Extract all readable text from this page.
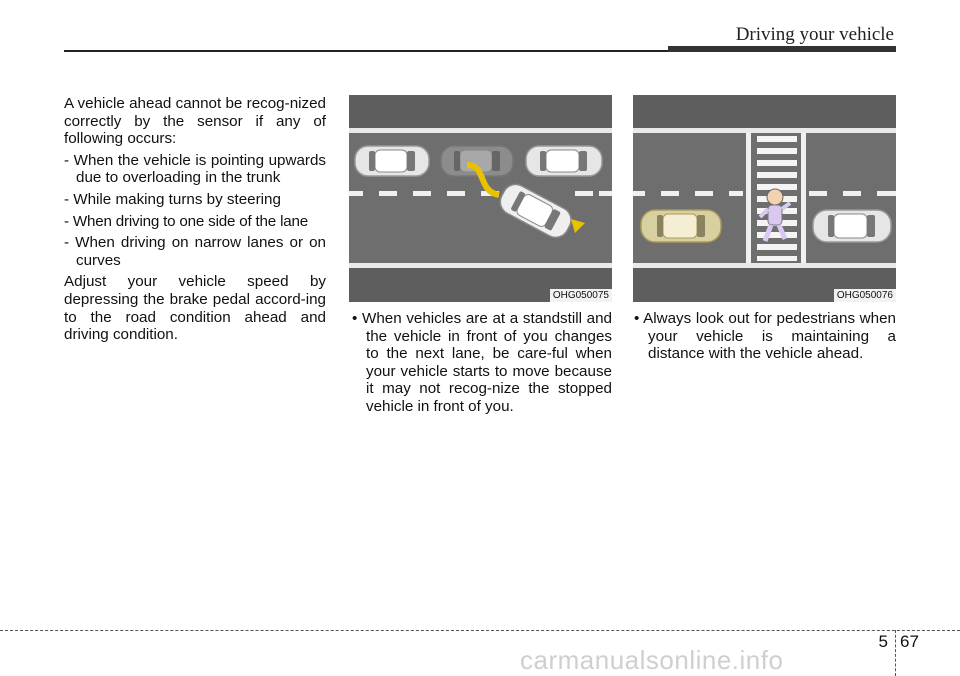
Driving your vehicle

A vehicle ahead cannot be recog-nized correctly by the sensor if any of following occurs:

- When the vehicle is pointing upwards due to overloading in the trunk
- While making turns by steering
- When driving to one side of the lane
- When driving on narrow lanes or on curves

Adjust your vehicle speed by depressing the brake pedal accord-ing to the road condition ahead and driving condition.

OHG050075	OHG050076
• When vehicles are at a standstill and the vehicle in front of you changes to the next lane, be care-ful when your vehicle starts to move because it may not recog-nize the stopped vehicle in front of you.
• Always look out for pedestrians when your vehicle is maintaining a distance with the vehicle ahead.
5 67
carmanualsonline.info
